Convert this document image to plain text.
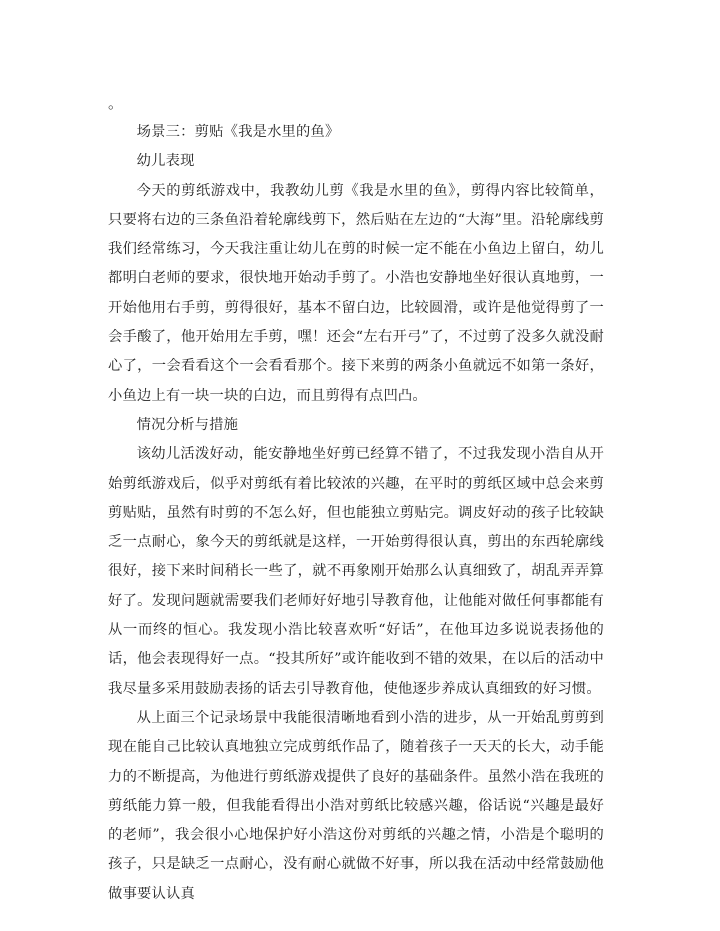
。

场景三：剪贴《我是水里的鱼》

幼儿表现

今天的剪纸游戏中，我教幼儿剪《我是水里的鱼》，剪得内容比较简单，只要将右边的三条鱼沿着轮廓线剪下，然后贴在左边的“大海”里。沿轮廓线剪我们经常练习，今天我注重让幼儿在剪的时候一定不能在小鱼边上留白，幼儿都明白老师的要求，很快地开始动手剪了。小浩也安静地坐好很认真地剪，一开始他用右手剪，剪得很好，基本不留白边，比较圆滑，或许是他觉得剪了一会手酸了，他开始用左手剪，嘿！还会“左右开弓”了，不过剪了没多久就没耐心了，一会看看这个一会看看那个。接下来剪的两条小鱼就远不如第一条好，小鱼边上有一块一块的白边，而且剪得有点凹凸。

情况分析与措施

该幼儿活泼好动，能安静地坐好剪已经算不错了，不过我发现小浩自从开始剪纸游戏后，似乎对剪纸有着比较浓的兴趣，在平时的剪纸区域中总会来剪剪贴贴，虽然有时剪的不怎么好，但也能独立剪贴完。调皮好动的孩子比较缺乏一点耐心，象今天的剪纸就是这样，一开始剪得很认真，剪出的东西轮廓线很好，接下来时间稍长一些了，就不再象刚开始那么认真细致了，胡乱弄弄算好了。发现问题就需要我们老师好好地引导教育他，让他能对做任何事都能有从一而终的恒心。我发现小浩比较喜欢听“好话”，在他耳边多说说表扬他的话，他会表现得好一点。“投其所好”或许能收到不错的效果，在以后的活动中我尽量多采用鼓励表扬的话去引导教育他，使他逐步养成认真细致的好习惯。

从上面三个记录场景中我能很清晰地看到小浩的进步，从一开始乱剪剪到现在能自己比较认真地独立完成剪纸作品了，随着孩子一天天的长大，动手能力的不断提高，为他进行剪纸游戏提供了良好的基础条件。虽然小浩在我班的剪纸能力算一般，但我能看得出小浩对剪纸比较感兴趣，俗话说“兴趣是最好的老师”，我会很小心地保护好小浩这份对剪纸的兴趣之情，小浩是个聪明的孩子，只是缺乏一点耐心，没有耐心就做不好事，所以我在活动中经常鼓励他做事要认认真
